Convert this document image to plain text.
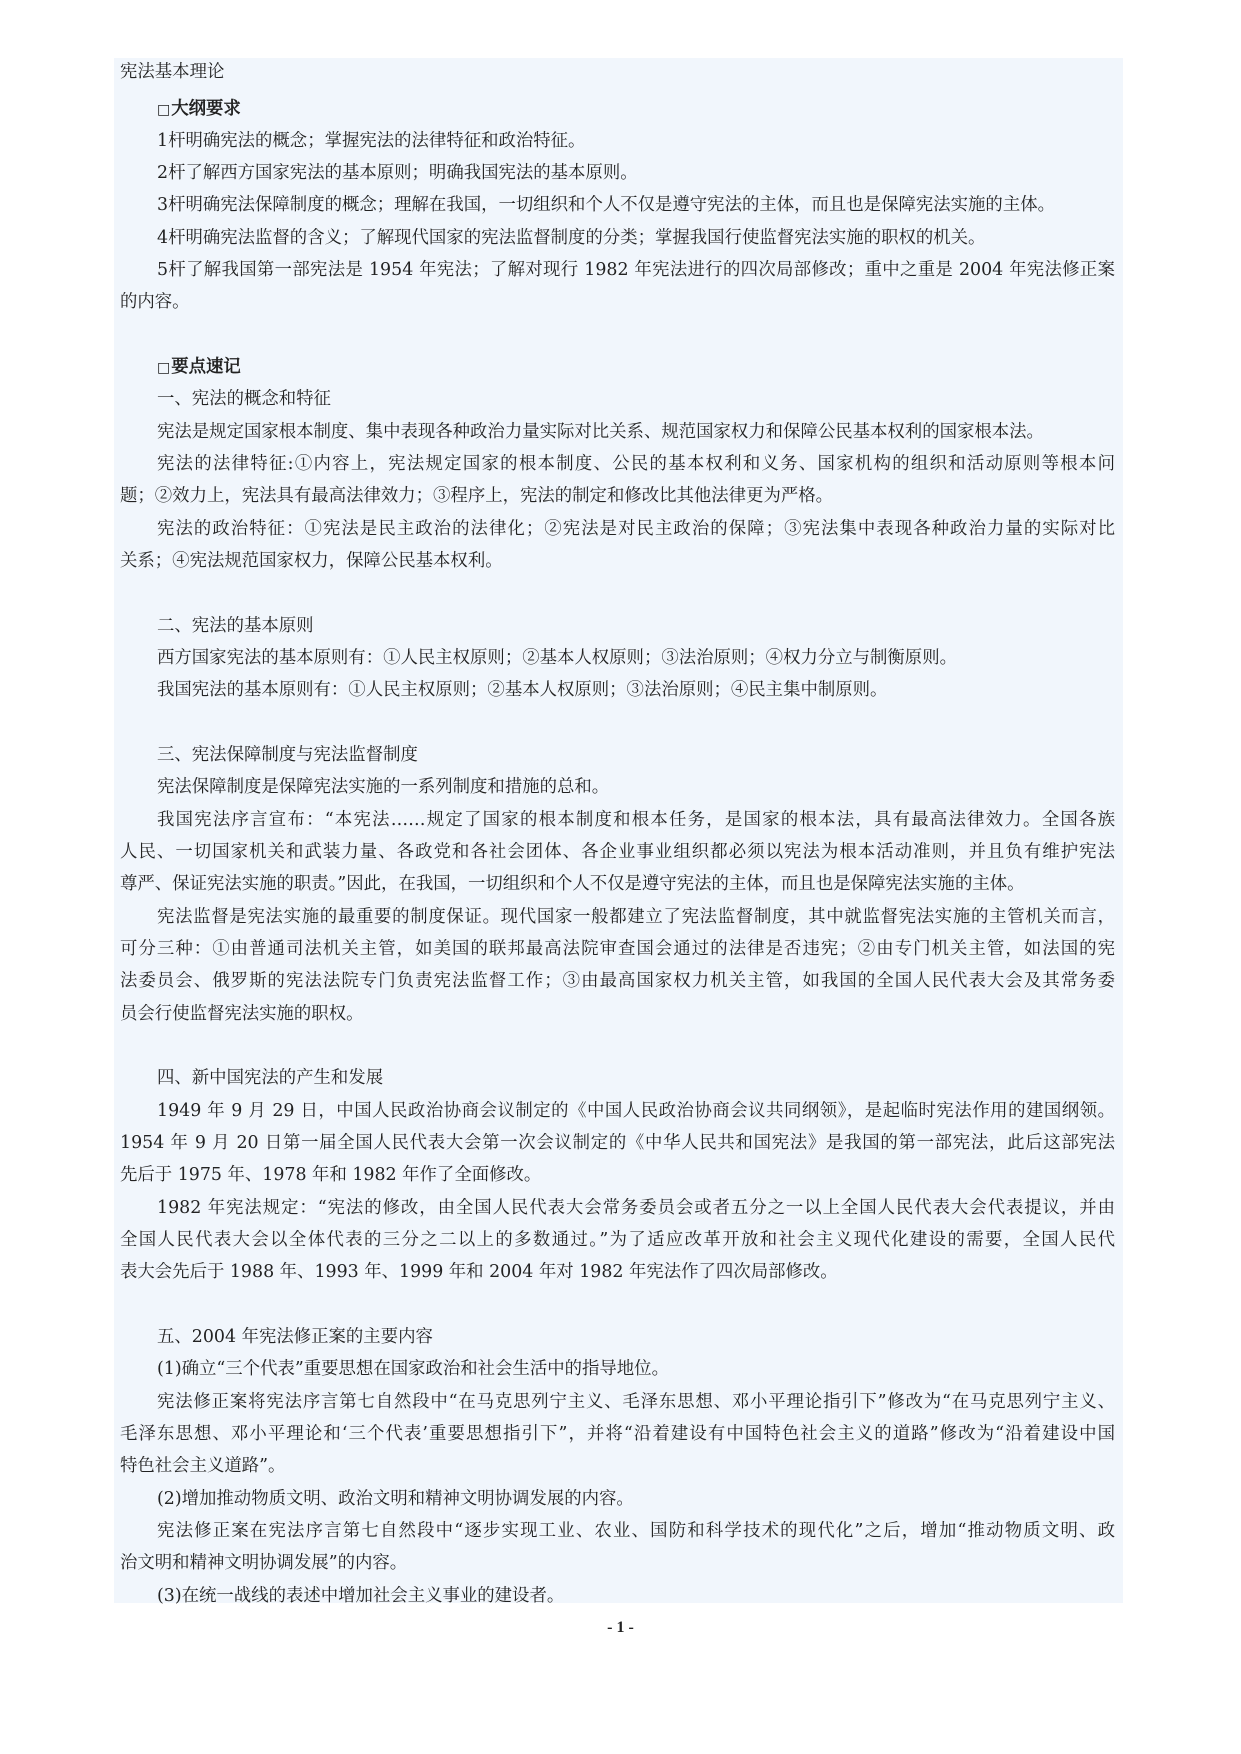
宪法基本理论
□大纲要求
1杆明确宪法的概念；掌握宪法的法律特征和政治特征。
2杆了解西方国家宪法的基本原则；明确我国宪法的基本原则。
3杆明确宪法保障制度的概念；理解在我国，一切组织和个人不仅是遵守宪法的主体，而且也是保障宪法实施的主体。
4杆明确宪法监督的含义；了解现代国家的宪法监督制度的分类；掌握我国行使监督宪法实施的职权的机关。
5杆了解我国第一部宪法是 1954 年宪法；了解对现行 1982 年宪法进行的四次局部修改；重中之重是 2004 年宪法修正案
的内容。
□要点速记
一、宪法的概念和特征
宪法是规定国家根本制度、集中表现各种政治力量实际对比关系、规范国家权力和保障公民基本权利的国家根本法。
宪法的法律特征:①内容上，宪法规定国家的根本制度、公民的基本权利和义务、国家机构的组织和活动原则等根本问
题；②效力上，宪法具有最高法律效力；③程序上，宪法的制定和修改比其他法律更为严格。
宪法的政治特征：①宪法是民主政治的法律化；②宪法是对民主政治的保障；③宪法集中表现各种政治力量的实际对比
关系；④宪法规范国家权力，保障公民基本权利。
二、宪法的基本原则
西方国家宪法的基本原则有：①人民主权原则；②基本人权原则；③法治原则；④权力分立与制衡原则。
我国宪法的基本原则有：①人民主权原则；②基本人权原则；③法治原则；④民主集中制原则。
三、宪法保障制度与宪法监督制度
宪法保障制度是保障宪法实施的一系列制度和措施的总和。
我国宪法序言宣布：“本宪法……规定了国家的根本制度和根本任务，是国家的根本法，具有最高法律效力。全国各族
人民、一切国家机关和武装力量、各政党和各社会团体、各企业事业组织都必须以宪法为根本活动准则，并且负有维护宪法
尊严、保证宪法实施的职责。”因此，在我国，一切组织和个人不仅是遵守宪法的主体，而且也是保障宪法实施的主体。
宪法监督是宪法实施的最重要的制度保证。现代国家一般都建立了宪法监督制度，其中就监督宪法实施的主管机关而言，
可分三种：①由普通司法机关主管，如美国的联邦最高法院审查国会通过的法律是否违宪；②由专门机关主管，如法国的宪
法委员会、俄罗斯的宪法法院专门负责宪法监督工作；③由最高国家权力机关主管，如我国的全国人民代表大会及其常务委
员会行使监督宪法实施的职权。
四、新中国宪法的产生和发展
1949 年 9 月 29 日，中国人民政治协商会议制定的《中国人民政治协商会议共同纲领》，是起临时宪法作用的建国纲领。
1954 年 9 月 20 日第一届全国人民代表大会第一次会议制定的《中华人民共和国宪法》是我国的第一部宪法，此后这部宪法
先后于 1975 年、1978 年和 1982 年作了全面修改。
1982 年宪法规定：“宪法的修改，由全国人民代表大会常务委员会或者五分之一以上全国人民代表大会代表提议，并由
全国人民代表大会以全体代表的三分之二以上的多数通过。”为了适应改革开放和社会主义现代化建设的需要，全国人民代
表大会先后于 1988 年、1993 年、1999 年和 2004 年对 1982 年宪法作了四次局部修改。
五、2004 年宪法修正案的主要内容
(1)确立“三个代表”重要思想在国家政治和社会生活中的指导地位。
宪法修正案将宪法序言第七自然段中“在马克思列宁主义、毛泽东思想、邓小平理论指引下”修改为“在马克思列宁主义、
毛泽东思想、邓小平理论和‘三个代表’重要思想指引下”，并将“沿着建设有中国特色社会主义的道路”修改为“沿着建设中国
特色社会主义道路”。
(2)增加推动物质文明、政治文明和精神文明协调发展的内容。
宪法修正案在宪法序言第七自然段中“逐步实现工业、农业、国防和科学技术的现代化”之后，增加“推动物质文明、政
治文明和精神文明协调发展”的内容。
(3)在统一战线的表述中增加社会主义事业的建设者。
- 1 -
